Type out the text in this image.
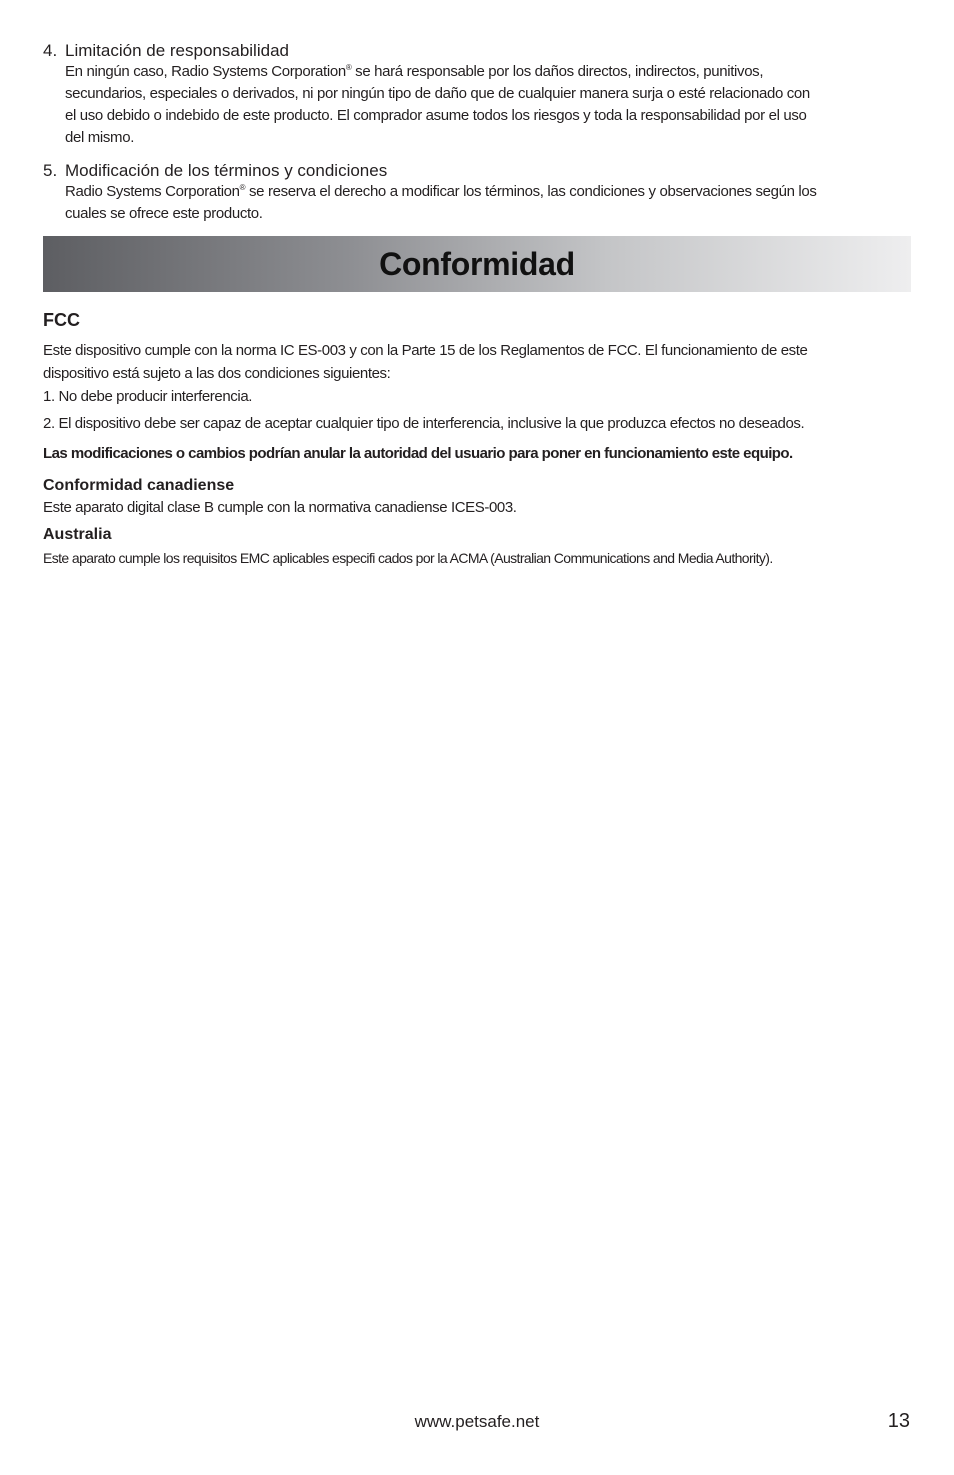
4. Limitación de responsabilidad
En ningún caso, Radio Systems Corporation® se hará responsable por los daños directos, indirectos, punitivos,
secundarios, especiales o derivados, ni por ningún tipo de daño que de cualquier manera surja o esté relacionado con
el uso debido o indebido de este producto. El comprador asume todos los riesgos y toda la responsabilidad por el uso
del mismo.
5. Modificación de los términos y condiciones
Radio Systems Corporation® se reserva el derecho a modificar los términos, las condiciones y observaciones según los
cuales se ofrece este producto.
Conformidad
FCC
Este dispositivo cumple con la norma IC ES-003 y con la Parte 15 de los Reglamentos de FCC. El funcionamiento de este
dispositivo está sujeto a las dos condiciones siguientes:
1. No debe producir interferencia.
2. El dispositivo debe ser capaz de aceptar cualquier tipo de interferencia, inclusive la que produzca efectos no deseados.
Las modificaciones o cambios podrían anular la autoridad del usuario para poner en funcionamiento este equipo.
Conformidad canadiense
Este aparato digital clase B cumple con la normativa canadiense ICES-003.
Australia
Este aparato cumple los requisitos EMC aplicables especifi cados por la ACMA (Australian Communications and Media Authority).
www.petsafe.net	13
